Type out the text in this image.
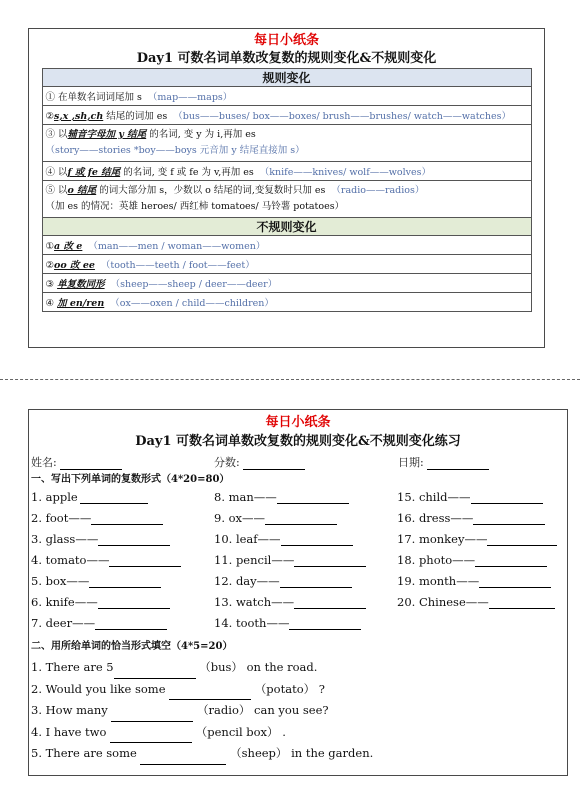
每日小纸条
Day1 可数名词单数改复数的规则变化&不规则变化
规则变化
① 在单数名词词尾加 s （map——maps）
②s,x ,sh,ch 结尾的词加 es （bus——buses/ box——boxes/ brush——brushes/ watch——watches）
③ 以辅音字母加 y 结尾 的名词, 变 y 为 i,再加 es
（story——stories *boy——boys 元音加 y 结尾直接加 s）
④ 以f 或 fe 结尾 的名词, 变 f 或 fe 为 v,再加 es （knife——knives/ wolf——wolves）
⑤ 以o 结尾 的词大部分加 s，少数以 o 结尾的词,变复数时只加 es （radio——radios）
（加 es 的情况：英雄 heroes/ 西红柿 tomatoes/ 马铃薯 potatoes）
不规则变化
①a 改 e （man——men / woman——women）
②oo 改 ee （tooth——teeth / foot——feet）
③ 单复数同形 （sheep——sheep / deer——deer）
④ 加 en/ren （ox——oxen / child——children）
每日小纸条
Day1 可数名词单数改复数的规则变化&不规则变化练习
姓名:	分数:	日期:
一、写出下列单词的复数形式（4*20=80）
1. apple
2. foot——
3. glass——
4. tomato——
5. box——
6. knife——
7. deer——
8. man——
9. ox——
10. leaf——
11. pencil——
12. day——
13. watch——
14. tooth——
15. child——
16. dress——
17. monkey——
18. photo——
19. month——
20. Chinese——
二、用所给单词的恰当形式填空（4*5=20）
1. There are 5	（bus） on the road.
2. Would you like some	（potato） ?
3. How many	（radio） can you see?
4. I have two	（pencil box） .
5. There are some	（sheep） in the garden.
